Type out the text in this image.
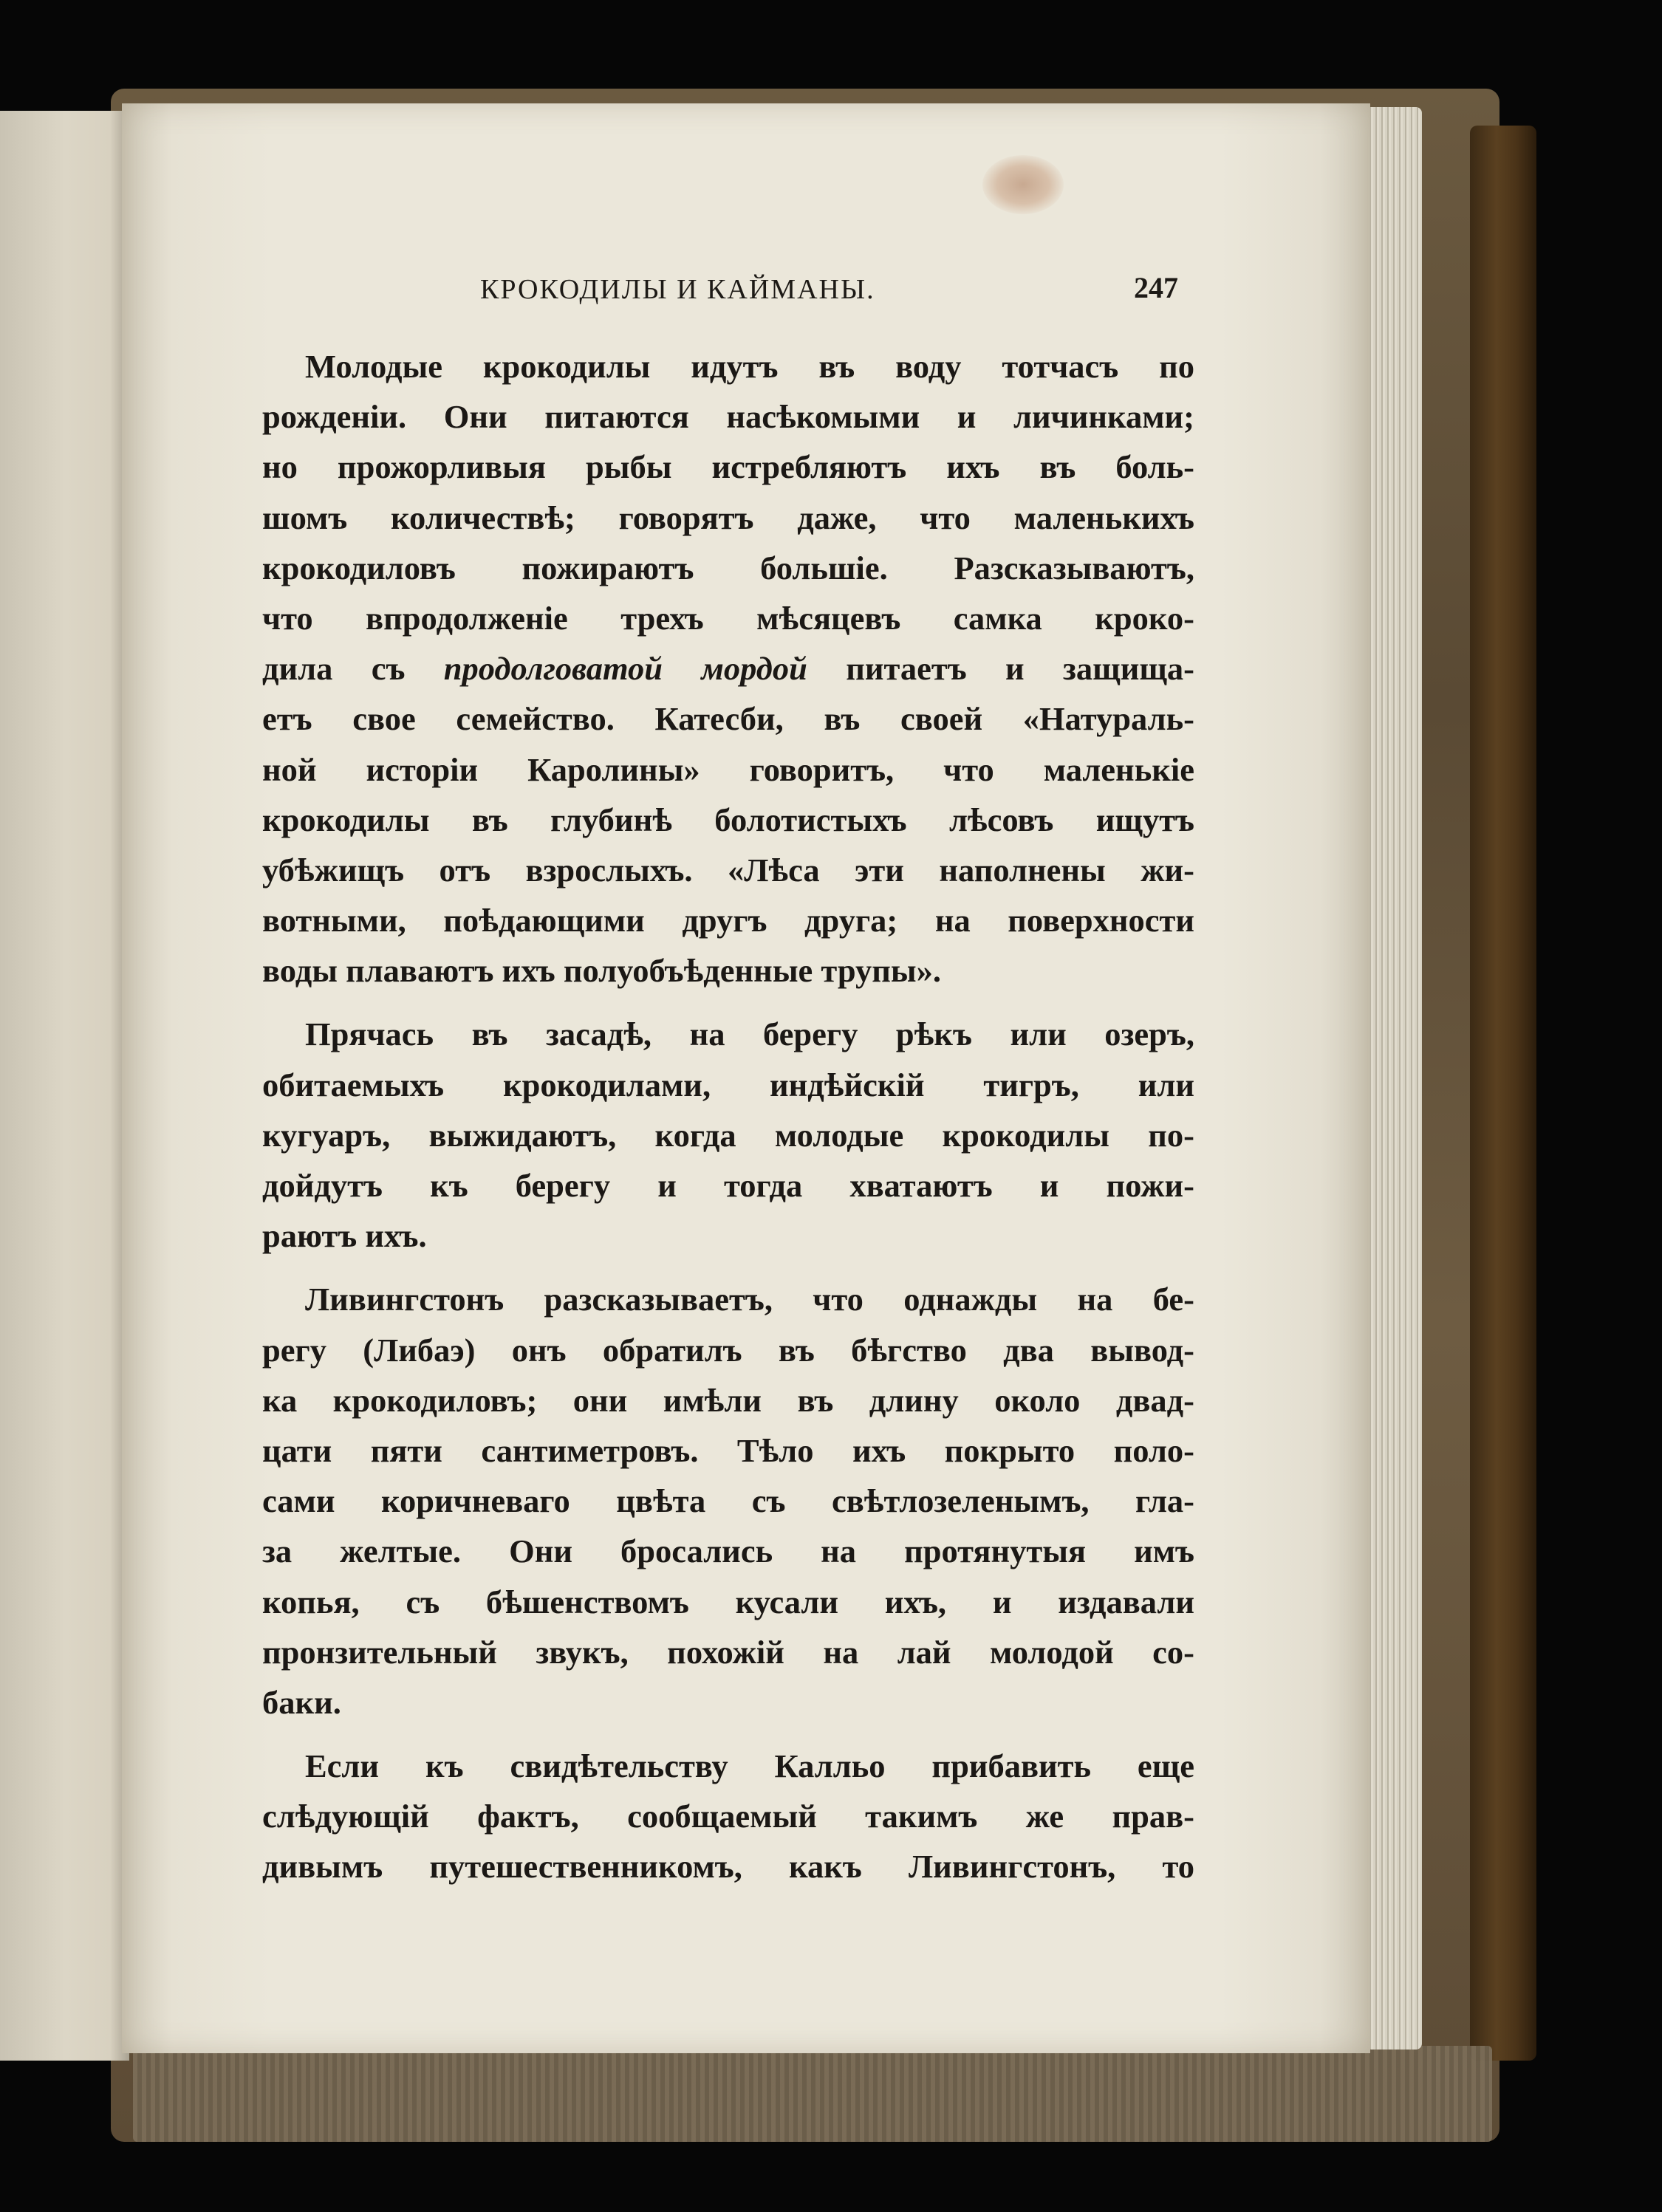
КРОКОДИЛЫ И КАЙМАНЫ.	247
Молодые крокодилы идутъ въ воду тотчасъ по
рожденіи. Они питаются насѣкомыми и личинками;
но прожорливыя рыбы истребляютъ ихъ въ боль-
шомъ количествѣ; говорятъ даже, что маленькихъ
крокодиловъ пожираютъ большіе. Разсказываютъ,
что впродолженіе трехъ мѣсяцевъ самка кроко-
дила съ продолговатой мордой питаетъ и защища-
етъ свое семейство. Катесби, въ своей «Натураль-
ной исторіи Каролины» говоритъ, что маленькіе
крокодилы въ глубинѣ болотистыхъ лѣсовъ ищутъ
убѣжищъ отъ взрослыхъ. «Лѣса эти наполнены жи-
вотными, поѣдающими другъ друга; на поверхности
воды плаваютъ ихъ полуобъѣденные трупы».
Прячась въ засадѣ, на берегу рѣкъ или озеръ,
обитаемыхъ крокодилами, индѣйскій тигръ, или
кугуаръ, выжидаютъ, когда молодые крокодилы по-
дойдутъ къ берегу и тогда хватаютъ и пожи-
раютъ ихъ.
Ливингстонъ разсказываетъ, что однажды на бе-
регу (Либаэ) онъ обратилъ въ бѣгство два вывод-
ка крокодиловъ; они имѣли въ длину около двад-
цати пяти сантиметровъ. Тѣло ихъ покрыто поло-
сами коричневаго цвѣта съ свѣтлозеленымъ, гла-
за желтые. Они бросались на протянутыя имъ
копья, съ бѣшенствомъ кусали ихъ, и издавали
пронзительный звукъ, похожій на лай молодой со-
баки.
Если къ свидѣтельству Калльо прибавить еще
слѣдующій фактъ, сообщаемый такимъ же прав-
дивымъ путешественникомъ, какъ Ливингстонъ, то
